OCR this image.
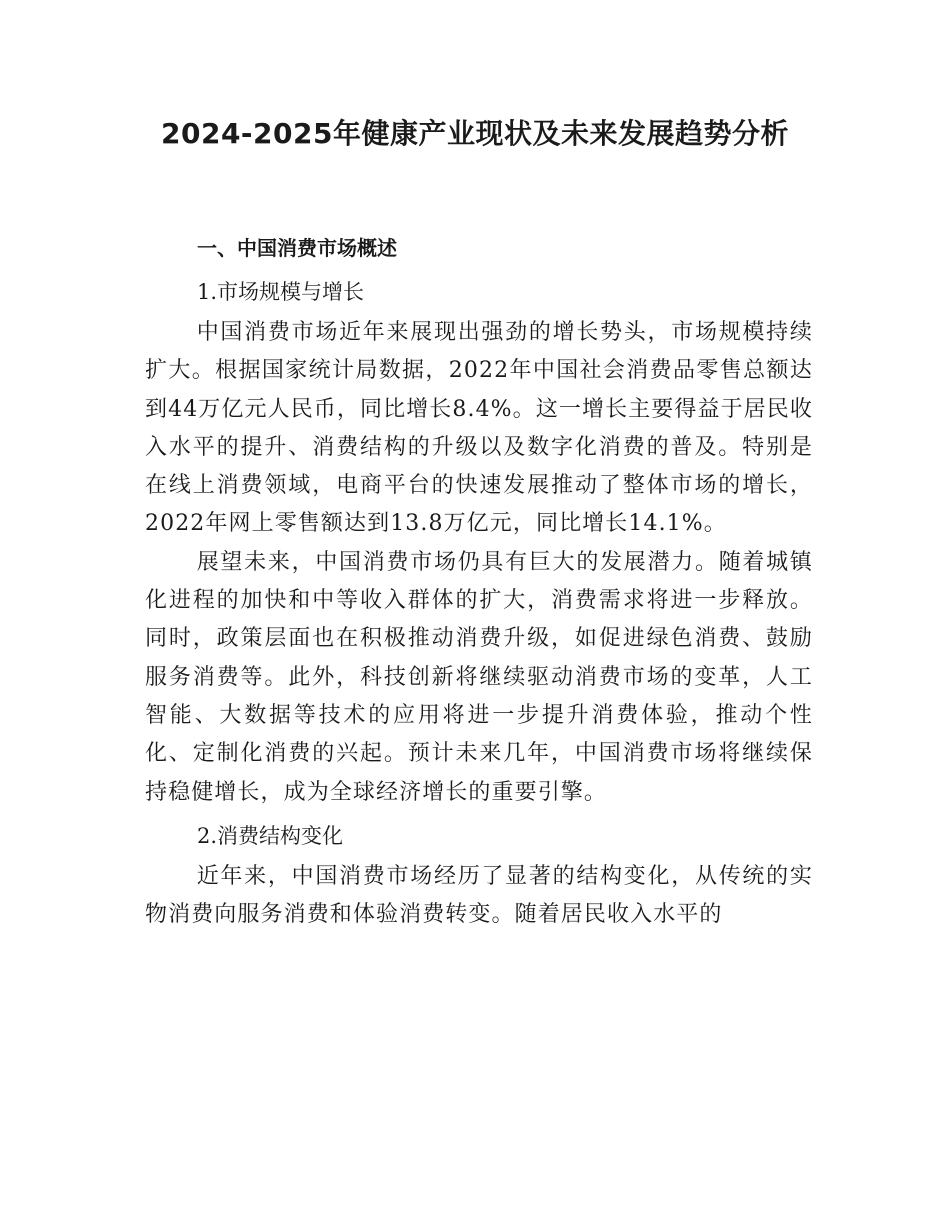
2024-2025年健康产业现状及未来发展趋势分析
一、中国消费市场概述
1.市场规模与增长

中国消费市场近年来展现出强劲的增长势头，市场规模持续扩大。根据国家统计局数据，2022年中国社会消费品零售总额达到44万亿元人民币，同比增长8.4%。这一增长主要得益于居民收入水平的提升、消费结构的升级以及数字化消费的普及。特别是在线上消费领域，电商平台的快速发展推动了整体市场的增长，2022年网上零售额达到13.8万亿元，同比增长14.1%。

展望未来，中国消费市场仍具有巨大的发展潜力。随着城镇化进程的加快和中等收入群体的扩大，消费需求将进一步释放。同时，政策层面也在积极推动消费升级，如促进绿色消费、鼓励服务消费等。此外，科技创新将继续驱动消费市场的变革，人工智能、大数据等技术的应用将进一步提升消费体验，推动个性化、定制化消费的兴起。预计未来几年，中国消费市场将继续保持稳健增长，成为全球经济增长的重要引擎。

2.消费结构变化

近年来，中国消费市场经历了显著的结构变化，从传统的实物消费向服务消费和体验消费转变。随着居民收入水平的
